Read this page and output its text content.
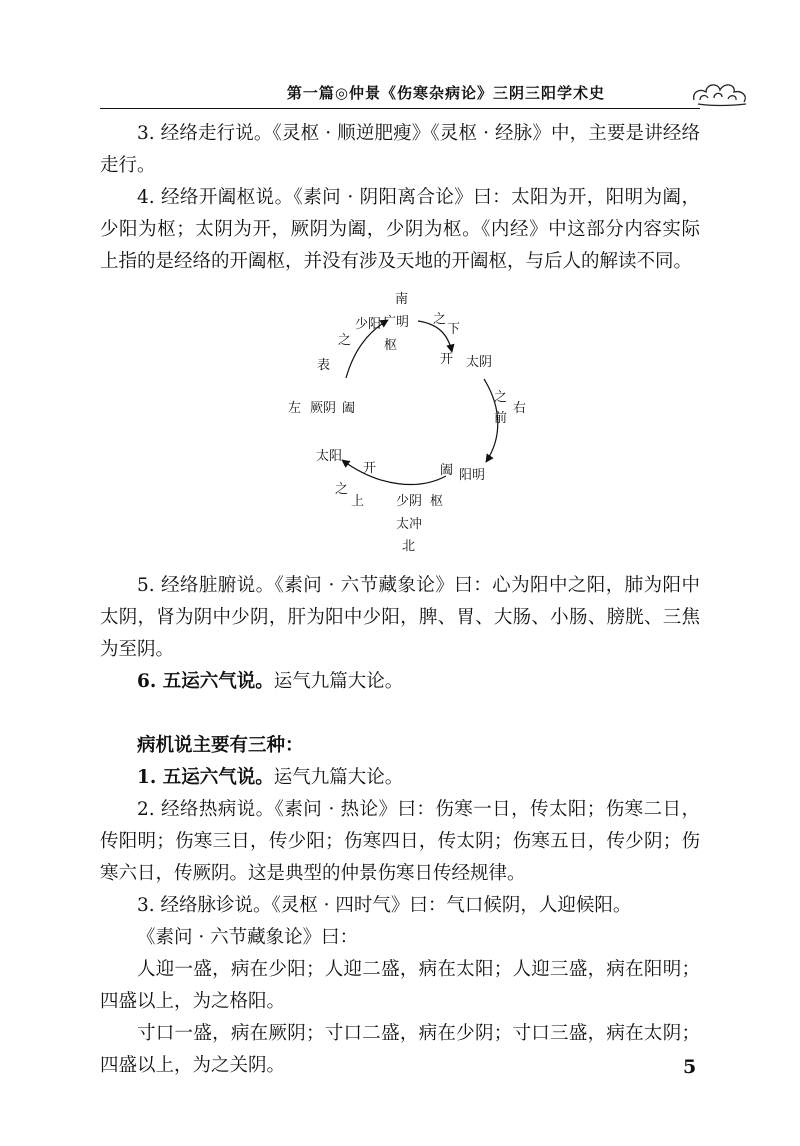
第一篇◎仲景《伤寒杂病论》三阴三阳学术史

3. 经络走行说。《灵枢 · 顺逆肥瘦》《灵枢 · 经脉》中，主要是讲经络走行。

4. 经络开阖枢说。《素问 · 阴阳离合论》曰：太阳为开，阳明为阖，少阳为枢；太阴为开，厥阴为阖，少阴为枢。《内经》中这部分内容实际上指的是经络的开阖枢，并没有涉及天地的开阖枢，与后人的解读不同。

南
广明
枢
少阳
之
表
之
下
开 太阴
之
前
右
左 厥阴 阖
阖 阳明
太阳
开
之
上 少阴 枢
太冲
北

5. 经络脏腑说。《素问 · 六节藏象论》曰：心为阳中之阳，肺为阳中太阴，肾为阴中少阴，肝为阳中少阳，脾、胃、大肠、小肠、膀胱、三焦为至阴。

6. 五运六气说。运气九篇大论。

病机说主要有三种：

1. 五运六气说。运气九篇大论。

2. 经络热病说。《素问 · 热论》曰：伤寒一日，传太阳；伤寒二日，传阳明；伤寒三日，传少阳；伤寒四日，传太阴；伤寒五日，传少阴；伤寒六日，传厥阴。这是典型的仲景伤寒日传经规律。

3. 经络脉诊说。《灵枢 · 四时气》曰：气口候阴，人迎候阳。

《素问 · 六节藏象论》曰：

人迎一盛，病在少阳；人迎二盛，病在太阳；人迎三盛，病在阳明；四盛以上，为之格阳。

寸口一盛，病在厥阴；寸口二盛，病在少阴；寸口三盛，病在太阴；四盛以上，为之关阴。	5
